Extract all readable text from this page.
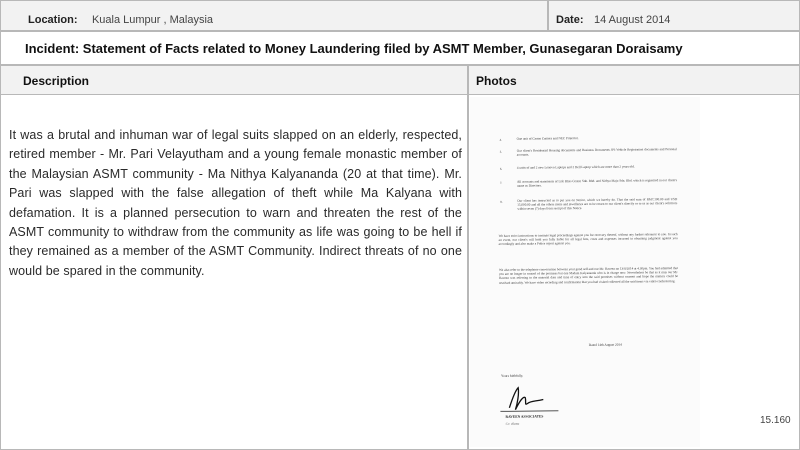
Location: Kuala Lumpur , Malaysia	Date: 14 August 2014
Incident: Statement of Facts related to Money Laundering filed by ASMT Member, Gunasegaran Doraisamy
Description	Photos

It was a brutal and inhuman war of legal suits slapped on an elderly, respected, retired member - Mr. Pari Velayutham and a young female monastic member of the Malaysian ASMT community - Ma Nithya Kalyananda (20 at that time). Mr. Pari was slapped with the false allegation of theft while Ma Kalyana with defamation. It is a planned persecution to warn and threaten the rest of the ASMT community to withdraw from the community as life was going to be hell if they remained as a member of the ASMT Community. Indirect threats of no one would be spared in the community.

4.	One unit of Canon Camera and NEC Projector.

5.	Our client's Residential Housing documents and Business Documents JPJ-Vehicle Registration documents and Personal accounts.

6.	4 units of and 2 new Lenovo Laptops and 2 Dell Laptop which are more than 2 years old.

7.	All accounts and statements of Life Bliss Centre Sdn. Bhd. and Nithya Maju Sdn. Bhd. which is registered in our client's name as Directors.

8.	Our client has instructed us to put you on Notice, which we hereby do. That the said sum of RM7,100.00 and USD 15,000.00 and all the others items and jewelleries are to be return to our client's directly or to us as our client's solicitors within seven (7) days from receipt of this Notice.

We have strict instructions to institute legal proceedings against you for recovery thereof, without any further reference to you. In such an event, our client's will hold you fully liable for all legal fees, costs and expenses incurred in obtaining judgment against you accordingly and also make a Police report against you.

We also refer to the telephone conversation between your good self and our Mr. Raveen on 13/8/2014 at 4.30pm. You had admitted that you are no longer in control of the premises but one Madam Kalyananda who is in charge now. Nevertheless be that as it may our Mr. Raveen was referring to the material date and time of entry into the said premises without consent and hope the matters could be resolved amicably. We have video recording and confirmation that you had visited collected all the said items via video conferencing.

Dated 14th August 2014
Yours faithfully,
RAVEEN ASSOCIATES
Cc: clients	15.160
